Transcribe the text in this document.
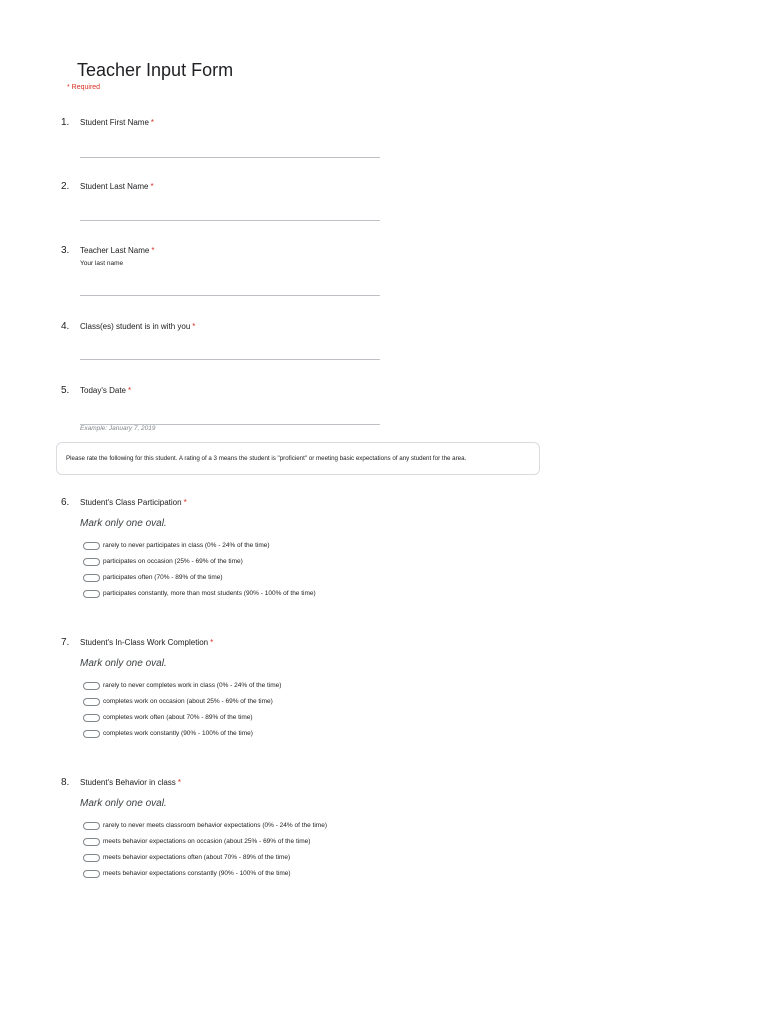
Teacher Input Form
* Required
1. Student First Name *
2. Student Last Name *
3. Teacher Last Name *
Your last name
4. Class(es) student is in with you *
5. Today's Date *
Example: January 7, 2019
Please rate the following for this student. A rating of a 3 means the student is "proficient" or meeting basic expectations of any student for the area.
6. Student's Class Participation *
Mark only one oval.
rarely to never participates in class (0% - 24% of the time)
participates on occasion (25% - 69% of the time)
participates often (70% - 89% of the time)
participates constantly, more than most students (90% - 100% of the time)
7. Student's In-Class Work Completion *
Mark only one oval.
rarely to never completes work in class (0% - 24% of the time)
completes work on occasion (about 25% - 69% of the time)
completes work often (about 70% - 89% of the time)
completes work constantly (90% - 100% of the time)
8. Student's Behavior in class *
Mark only one oval.
rarely to never meets classroom behavior expectations (0% - 24% of the time)
meets behavior expectations on occasion (about 25% - 69% of the time)
meets behavior expectations often (about 70% - 89% of the time)
meets behavior expectations constantly (90% - 100% of the time)
